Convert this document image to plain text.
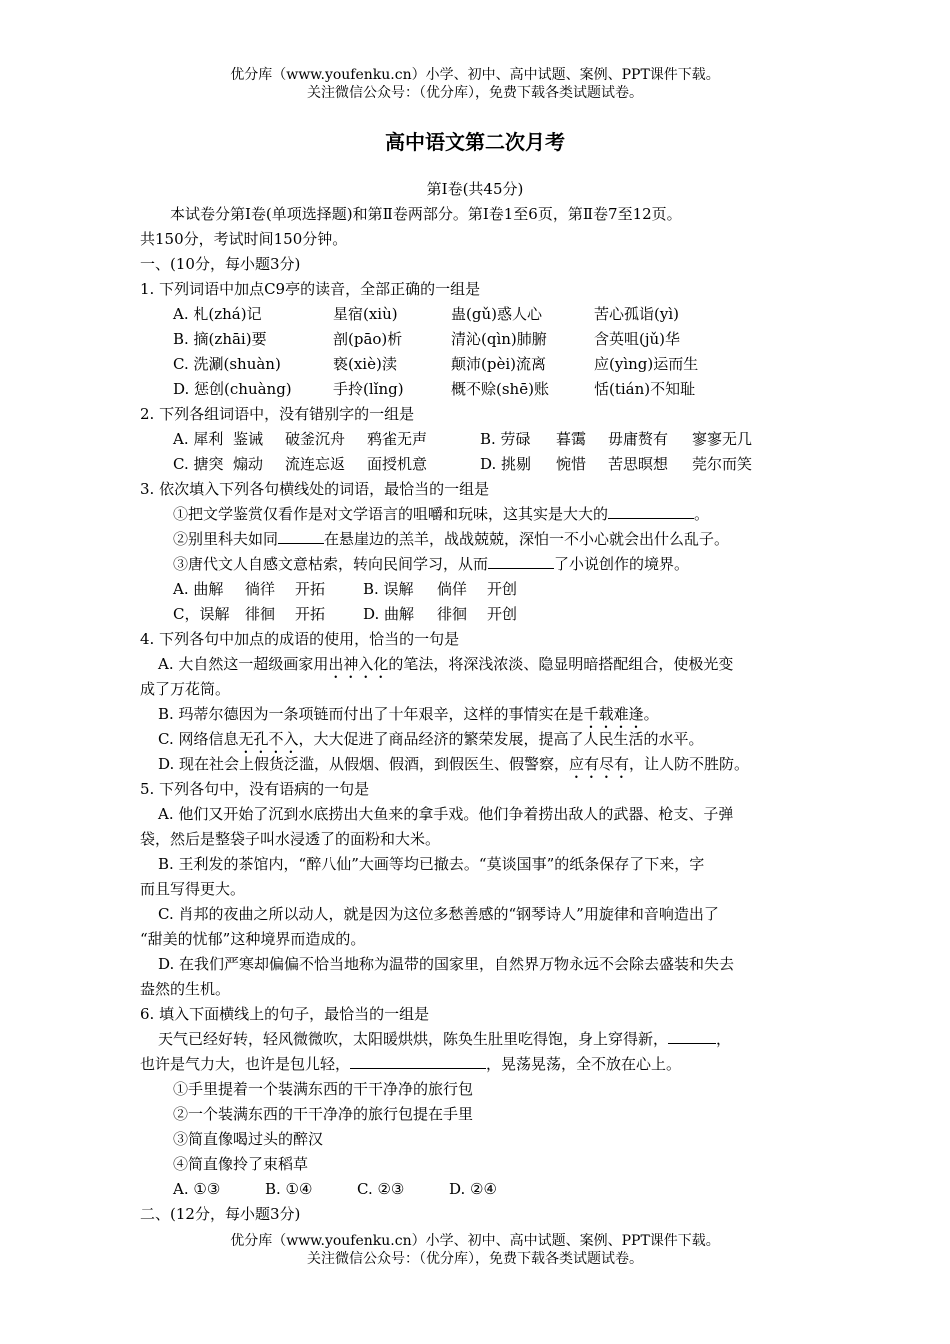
优分库（www.youfenku.cn）小学、初中、高中试题、案例、PPT课件下载。
关注微信公众号：（优分库），免费下载各类试题试卷。
高中语文第二次月考
第Ⅰ卷(共45分)
本试卷分第Ⅰ卷(单项选择题)和第Ⅱ卷两部分。第Ⅰ卷1至6页，第Ⅱ卷7至12页。
共150分，考试时间150分钟。
一、(10分，每小题3分)
1. 下列词语中加点C9亭的读音，全部正确的一组是
A. 札(zhá)记	星宿(xiù)	蛊(gǔ)惑人心	苦心孤诣(yì)
B. 摘(zhāi)要	剖(pāo)析	清沁(qìn)肺腑	含英咀(jǔ)华
C. 洗涮(shuàn)	亵(xiè)渎	颠沛(pèi)流离	应(yìng)运而生
D. 惩创(chuàng)	手拎(lǐng)	概不赊(shē)账	恬(tián)不知耻
2. 下列各组词语中，没有错别字的一组是
A. 犀利 鉴诫	破釜沉舟	鸦雀无声	B. 劳碌	暮霭	毋庸赘有	寥寥无几
C. 搪突 煽动	流连忘返	面授机意	D. 挑剔	惋惜	苦思暝想	莞尔而笑
3. 依次填入下列各句横线处的词语，最恰当的一组是
①把文学鉴赏仅看作是对文学语言的咀嚼和玩味，这其实是大大的	。
②别里科夫如同	在悬崖边的羔羊，战战兢兢，深怕一不小心就会出什么乱子。
③唐代文人自感文意枯索，转向民间学习，从而	了小说创作的境界。
A. 曲解	徜徉	开拓	B. 误解	倘佯	开创
C，误解	徘徊	开拓	D. 曲解	徘徊	开创
4. 下列各句中加点的成语的使用，恰当的一句是
A. 大自然这一超级画家用出神入化的笔法，将深浅浓淡、隐显明暗搭配组合，使极光变
成了万花筒。
B. 玛蒂尔德因为一条项链而付出了十年艰辛，这样的事情实在是千载难逢。
C. 网络信息无孔不入，大大促进了商品经济的繁荣发展，提高了人民生活的水平。
D. 现在社会上假货泛滥，从假烟、假酒，到假医生、假警察，应有尽有，让人防不胜防。
5. 下列各句中，没有语病的一句是
A. 他们又开始了沉到水底捞出大鱼来的拿手戏。他们争着捞出敌人的武器、枪支、子弹
袋，然后是整袋子叫水浸透了的面粉和大米。
B. 王利发的茶馆内，“醉八仙”大画等均已撤去。“莫谈国事”的纸条保存了下来，字
而且写得更大。
C. 肖邦的夜曲之所以动人，就是因为这位多愁善感的“钢琴诗人”用旋律和音响造出了
“甜美的忧郁”这种境界而造成的。
D. 在我们严寒却偏偏不恰当地称为温带的国家里，自然界万物永远不会除去盛装和失去
盎然的生机。
6. 填入下面横线上的句子，最恰当的一组是
天气已经好转，轻风微微吹，太阳暖烘烘，陈奂生肚里吃得饱，身上穿得新，	，
也许是气力大，也许是包儿轻，	，晃荡晃荡，全不放在心上。
①手里提着一个装满东西的干干净净的旅行包
②一个装满东西的干干净净的旅行包提在手里
③简直像喝过头的醉汉
④简直像拎了束稻草
A. ①③	B. ①④	C. ②③	D. ②④
二、(12分，每小题3分)
优分库（www.youfenku.cn）小学、初中、高中试题、案例、PPT课件下载。
关注微信公众号：（优分库），免费下载各类试题试卷。
